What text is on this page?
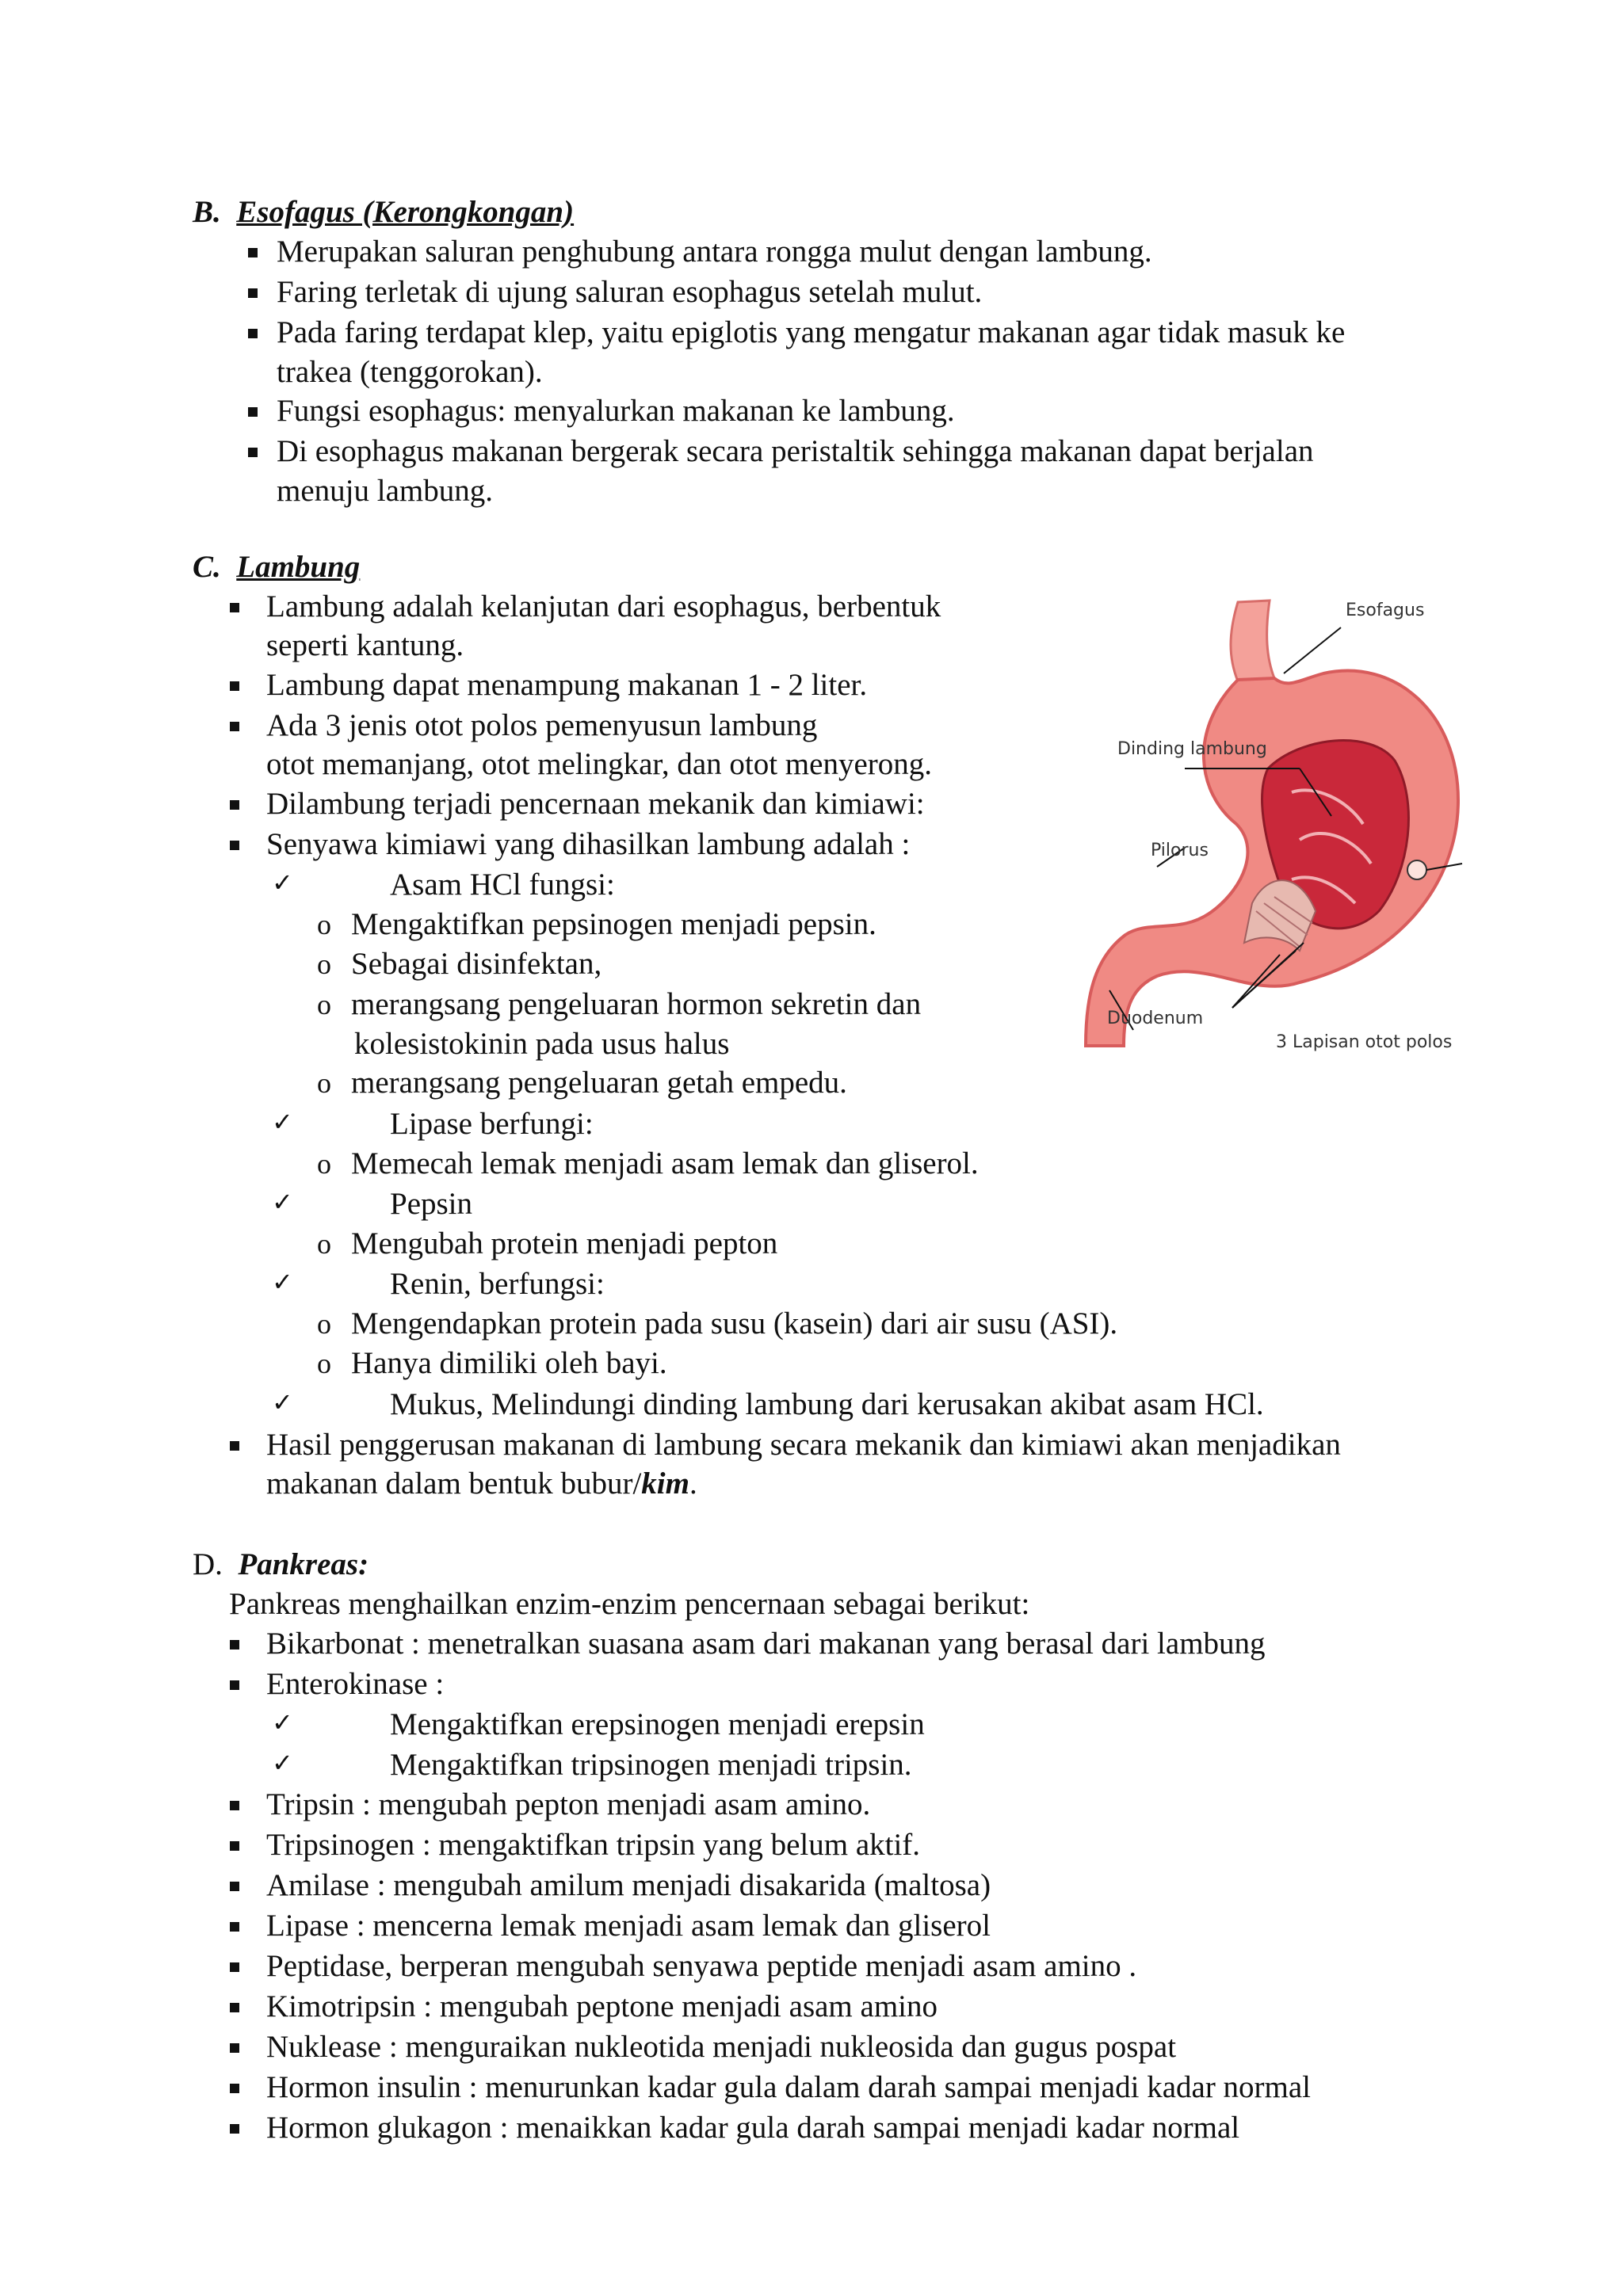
B. Esofagus (Kerongkongan)
Merupakan saluran penghubung antara rongga mulut dengan lambung.
Faring terletak di ujung saluran esophagus setelah mulut.
Pada faring terdapat klep, yaitu epiglotis yang mengatur makanan agar tidak masuk ke
trakea (tenggorokan).
Fungsi esophagus: menyalurkan makanan ke lambung.
Di esophagus makanan bergerak secara peristaltik sehingga makanan dapat berjalan
menuju lambung.
C. Lambung
Lambung adalah kelanjutan dari esophagus, berbentuk
seperti kantung.
Lambung dapat menampung makanan 1 - 2 liter.
Ada 3 jenis otot polos pemenyusun lambung
otot memanjang, otot melingkar, dan otot menyerong.
Dilambung terjadi pencernaan mekanik dan kimiawi:
Senyawa kimiawi yang dihasilkan lambung adalah :
✓	Asam HCl fungsi:
o Mengaktifkan pepsinogen menjadi pepsin.
o Sebagai disinfektan,
o merangsang pengeluaran hormon sekretin dan
kolesistokinin pada usus halus
o merangsang pengeluaran getah empedu.
✓	Lipase berfungi:
o Memecah lemak menjadi asam lemak dan gliserol.
✓	Pepsin
o Mengubah protein menjadi pepton
✓	Renin, berfungsi:
o Mengendapkan protein pada susu (kasein) dari air susu (ASI).
o Hanya dimiliki oleh bayi.
✓	Mukus, Melindungi dinding lambung dari kerusakan akibat asam HCl.
Hasil penggerusan makanan di lambung secara mekanik dan kimiawi akan menjadikan
makanan dalam bentuk bubur/kim.
Esofagus
Dinding lambung
Pilorus
Duodenum
3 Lapisan otot polos
D. Pankreas:
Pankreas menghailkan enzim-enzim pencernaan sebagai berikut:
Bikarbonat : menetralkan suasana asam dari makanan yang berasal dari lambung
Enterokinase :
✓	Mengaktifkan erepsinogen menjadi erepsin
✓	Mengaktifkan tripsinogen menjadi tripsin.
Tripsin : mengubah pepton menjadi asam amino.
Tripsinogen : mengaktifkan tripsin yang belum aktif.
Amilase : mengubah amilum menjadi disakarida (maltosa)
Lipase : mencerna lemak menjadi asam lemak dan gliserol
Peptidase, berperan mengubah senyawa peptide menjadi asam amino .
Kimotripsin : mengubah peptone menjadi asam amino
Nuklease : menguraikan nukleotida menjadi nukleosida dan gugus pospat
Hormon insulin : menurunkan kadar gula dalam darah sampai menjadi kadar normal
Hormon glukagon : menaikkan kadar gula darah sampai menjadi kadar normal
